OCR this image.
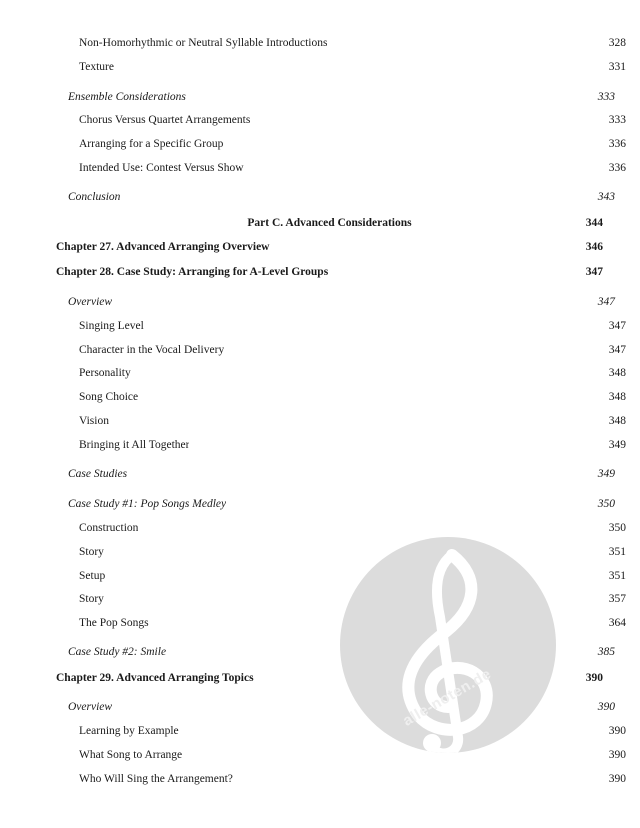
Non-Homorhythmic or Neutral Syllable Introductions	328
Texture	331
Ensemble Considerations	333
Chorus Versus Quartet Arrangements	333
Arranging for a Specific Group	336
Intended Use: Contest Versus Show	336
Conclusion	343
Part C. Advanced Considerations	344
Chapter 27. Advanced Arranging Overview	346
Chapter 28. Case Study: Arranging for A-Level Groups	347
Overview	347
Singing Level	347
Character in the Vocal Delivery	347
Personality	348
Song Choice	348
Vision	348
Bringing it All Together	349
Case Studies	349
Case Study #1: Pop Songs Medley	350
Construction	350
Story	351
Setup	351
Story	357
The Pop Songs	364
Case Study #2: Smile	385
Chapter 29. Advanced Arranging Topics	390
Overview	390
Learning by Example	390
What Song to Arrange	390
Who Will Sing the Arrangement?	390
alle-noten.de
